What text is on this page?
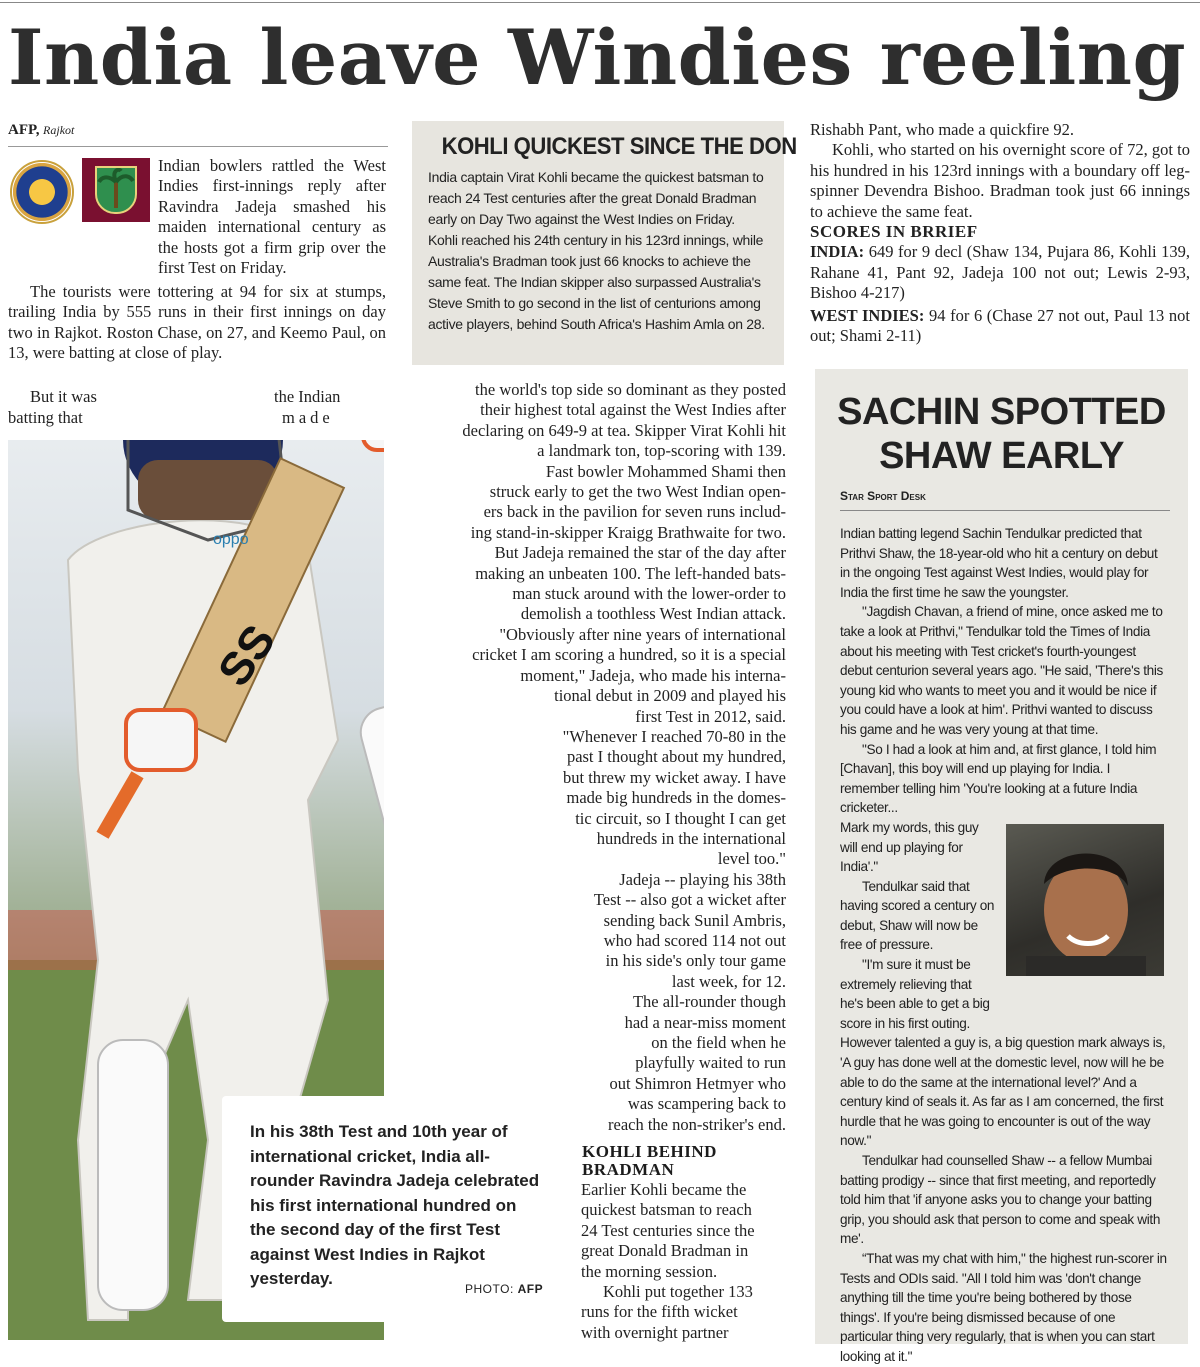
India leave Windies reeling
AFP, Rajkot

Indian bowlers rattled the West Indies first-innings reply after Ravindra Jadeja smashed his maiden international century as the hosts got a firm grip over the first Test on Friday.

The tourists were tottering at 94 for six at stumps, trailing India by 555 runs in their first innings on day two in Rajkot. Roston Chase, on 27, and Keemo Paul, on 13, were batting at close of play.

But it was	the Indian
batting that	made
SS
oppo
KOHLI QUICKEST SINCE THE DON
India captain Virat Kohli became the quickest batsman to reach 24 Test centuries after the great Donald Bradman early on Day Two against the West Indies on Friday. Kohli reached his 24th century in his 123rd innings, while Australia's Bradman took just 66 knocks to achieve the same feat. The Indian skipper also surpassed Australia's Steve Smith to go second in the list of centurions among active players, behind South Africa's Hashim Amla on 28.
the world's top side so dominant as they posted
their highest total against the West Indies after
declaring on 649-9 at tea. Skipper Virat Kohli hit
a landmark ton, top-scoring with 139.
Fast bowler Mohammed Shami then
struck early to get the two West Indian open-
ers back in the pavilion for seven runs includ-
ing stand-in-skipper Kraigg Brathwaite for two.
But Jadeja remained the star of the day after
making an unbeaten 100. The left-handed bats-
man stuck around with the lower-order to
demolish a toothless West Indian attack.
"Obviously after nine years of international
cricket I am scoring a hundred, so it is a special
moment," Jadeja, who made his interna-
tional debut in 2009 and played his
first Test in 2012, said.
"Whenever I reached 70-80 in the
past I thought about my hundred,
but threw my wicket away. I have
made big hundreds in the domes-
tic circuit, so I thought I can get
hundreds in the international
level too."
Jadeja -- playing his 38th
Test -- also got a wicket after
sending back Sunil Ambris,
who had scored 114 not out
in his side's only tour game
last week, for 12.
The all-rounder though
had a near-miss moment
on the field when he
playfully waited to run
out Shimron Hetmyer who
was scampering back to
reach the non-striker's end.
KOHLI BEHIND
BRADMAN
Earlier Kohli became the
quickest batsman to reach
24 Test centuries since the
great Donald Bradman in
the morning session.
Kohli put together 133
runs for the fifth wicket
with overnight partner

Rishabh Pant, who made a quickfire 92.

Kohli, who started on his overnight score of 72, got to his hundred in his 123rd innings with a boundary off leg-spinner Devendra Bishoo. Bradman took just 66 innings to achieve the same feat.

SCORES IN BRRIEF

INDIA: 649 for 9 decl (Shaw 134, Pujara 86, Kohli 139, Rahane 41, Pant 92, Jadeja 100 not out; Lewis 2-93, Bishoo 4-217)

WEST INDIES: 94 for 6 (Chase 27 not out, Paul 13 not out; Shami 2-11)

SACHIN SPOTTED
SHAW EARLY
Star Sport Desk

Indian batting legend Sachin Tendulkar predicted that Prithvi Shaw, the 18-year-old who hit a century on debut in the ongoing Test against West Indies, would play for India the first time he saw the youngster.

"Jagdish Chavan, a friend of mine, once asked me to take a look at Prithvi," Tendulkar told the Times of India about his meeting with Test cricket's fourth-youngest debut centurion several years ago. "He said, 'There's this young kid who wants to meet you and it would be nice if you could have a look at him'. Prithvi wanted to discuss his game and he was very young at that time.

"So I had a look at him and, at first glance, I told him [Chavan], this boy will end up playing for India. I remember telling him 'You're looking at a future India cricketer...

Mark my words, this guy

will end up playing for

India'."

Tendulkar said that

having scored a century on

debut, Shaw will now be

free of pressure.

"I'm sure it must be

extremely relieving that

he's been able to get a big

score in his first outing.

However talented a guy is, a big question mark always is, 'A guy has done well at the domestic level, now will he be able to do the same at the international level?' And a century kind of seals it. As far as I am concerned, the first hurdle that he was going to encounter is out of the way now."

Tendulkar had counselled Shaw -- a fellow Mumbai batting prodigy -- since that first meeting, and reportedly told him that 'if anyone asks you to change your batting grip, you should ask that person to come and speak with me'.

“That was my chat with him," the highest run-scorer in Tests and ODIs said. "All I told him was 'don't change anything till the time you're being bothered by those things'. If you're being dismissed because of one particular thing very regularly, that is when you can start looking at it."

In his 38th Test and 10th year of international cricket, India all-rounder Ravindra Jadeja celebrated his first international hundred on the second day of the first Test against West Indies in Rajkot yesterday.
PHOTO: AFP
